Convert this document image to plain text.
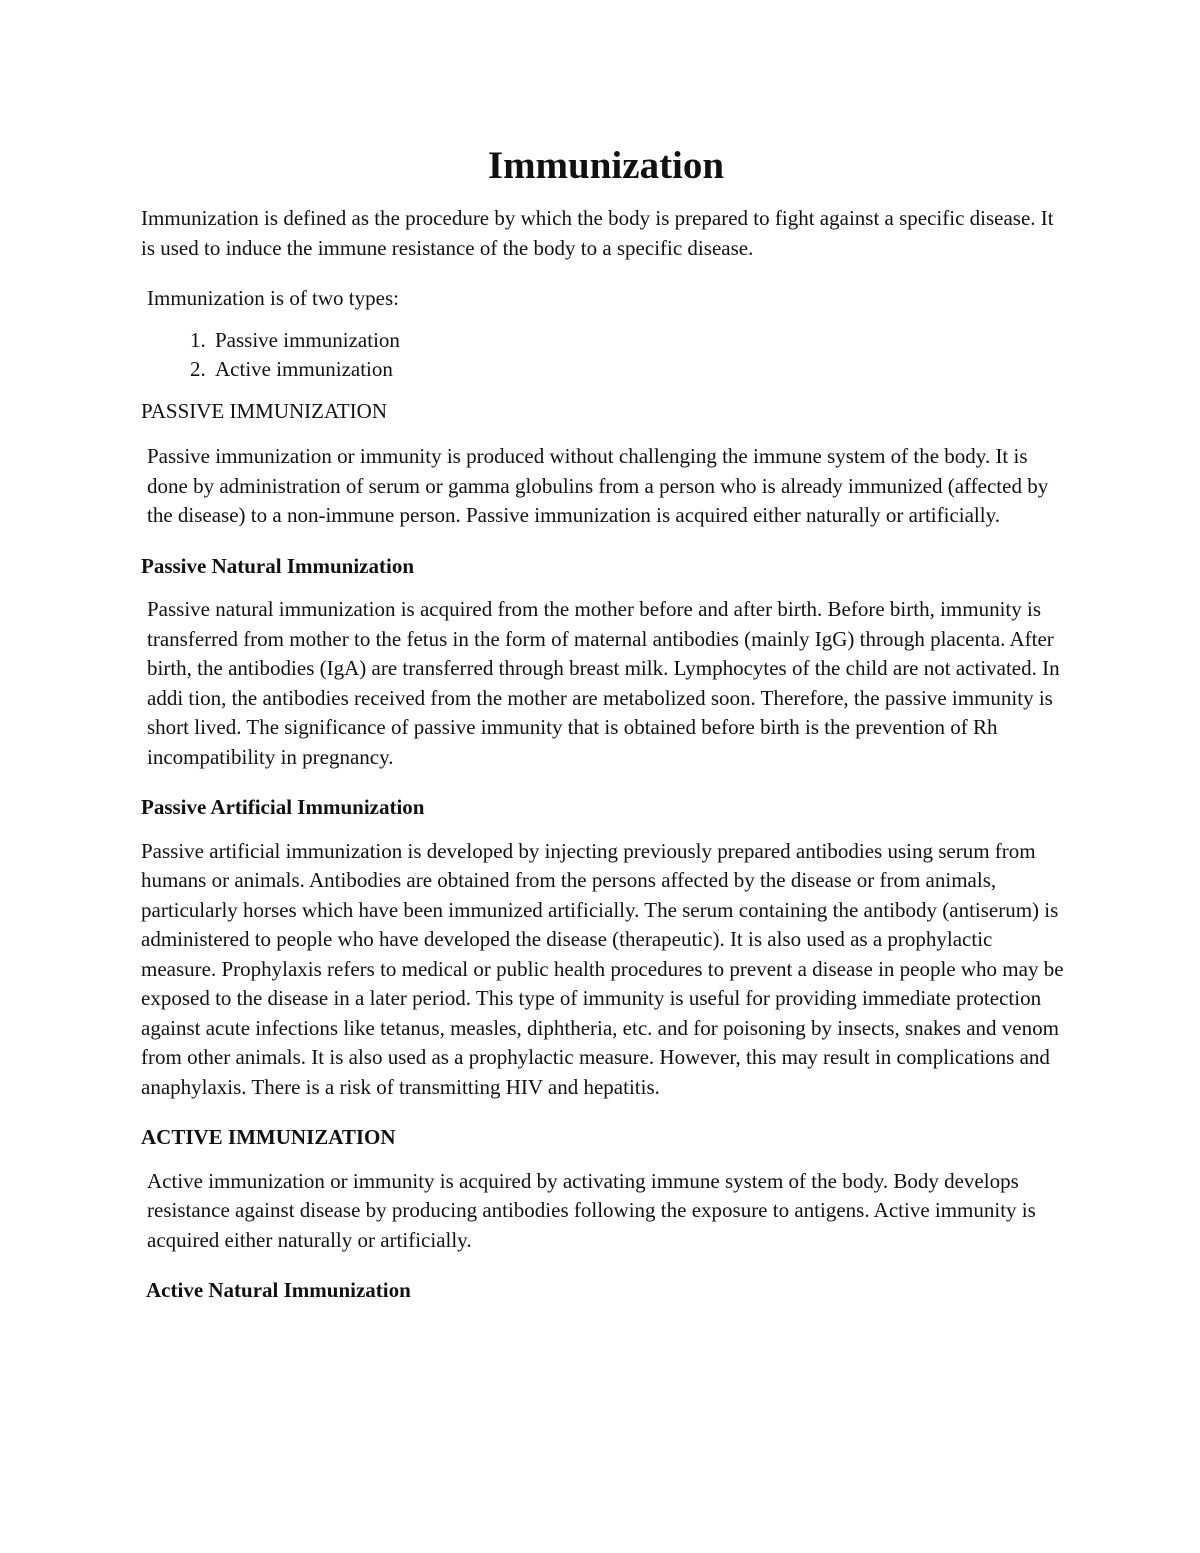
Immunization

Immunization is defined as the procedure by which the body is prepared to fight against a specific disease. It is used to induce the immune resistance of the body to a specific disease.

Immunization is of two types:

1. Passive immunization
2. Active immunization

PASSIVE IMMUNIZATION

Passive immunization or immunity is produced without challenging the immune system of the body. It is done by administration of serum or gamma globulins from a person who is already immunized (affected by the disease) to a non-immune person. Passive immunization is acquired either naturally or artificially.

Passive Natural Immunization

Passive natural immunization is acquired from the mother before and after birth. Before birth, immunity is transferred from mother to the fetus in the form of maternal antibodies (mainly IgG) through placenta. After birth, the antibodies (IgA) are transferred through breast milk. Lymphocytes of the child are not activated. In addi tion, the antibodies received from the mother are metabolized soon. Therefore, the passive immunity is short lived. The significance of passive immunity that is obtained before birth is the prevention of Rh incompatibility in pregnancy.

Passive Artificial Immunization

Passive artificial immunization is developed by injecting previously prepared antibodies using serum from humans or animals. Antibodies are obtained from the persons affected by the disease or from animals, particularly horses which have been immunized artificially. The serum containing the antibody (antiserum) is administered to people who have developed the disease (therapeutic). It is also used as a prophylactic measure. Prophylaxis refers to medical or public health procedures to prevent a disease in people who may be exposed to the disease in a later period. This type of immunity is useful for providing immediate protection against acute infections like tetanus, measles, diphtheria, etc. and for poisoning by insects, snakes and venom from other animals. It is also used as a prophylactic measure. However, this may result in complications and anaphylaxis. There is a risk of transmitting HIV and hepatitis.

ACTIVE IMMUNIZATION

Active immunization or immunity is acquired by activating immune system of the body. Body develops resistance against disease by producing antibodies following the exposure to antigens. Active immunity is acquired either naturally or artificially.

Active Natural Immunization
